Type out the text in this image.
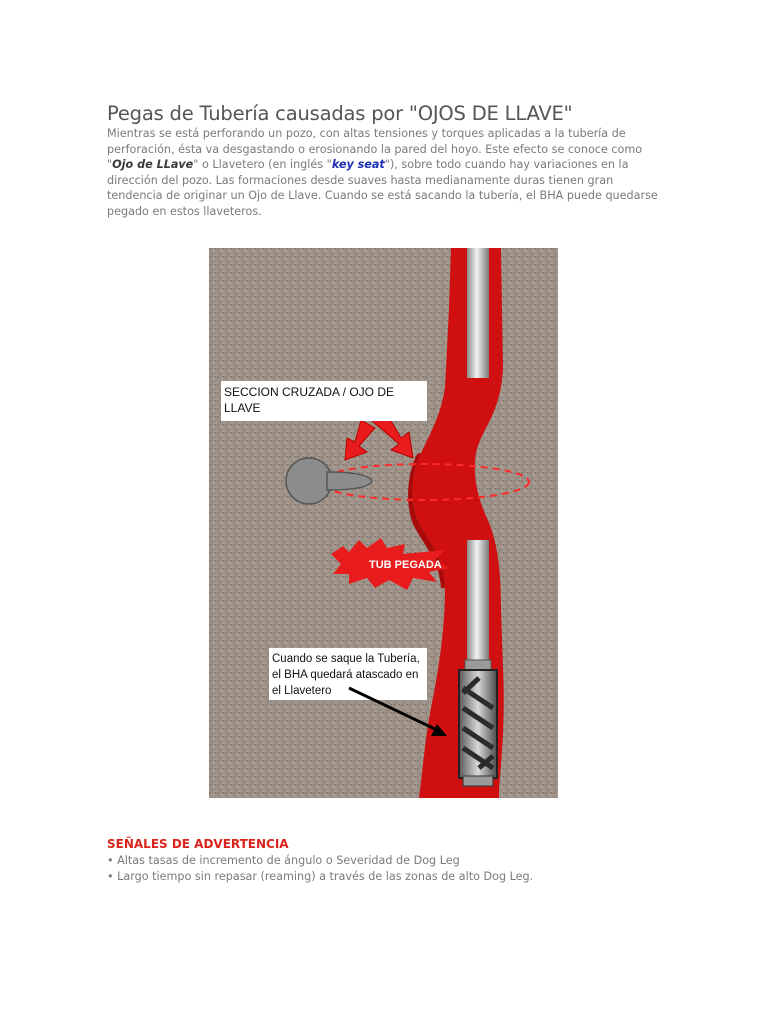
Pegas de Tubería causadas por "OJOS DE LLAVE"

Mientras se está perforando un pozo, con altas tensiones y torques aplicadas a la tubería de perforación, ésta va desgastando o erosionando la pared del hoyo. Este efecto se conoce como "Ojo de LLave" o Llavetero (en inglés "key seat"), sobre todo cuando hay variaciones en la dirección del pozo. Las formaciones desde suaves hasta medianamente duras tienen gran tendencia de originar un Ojo de Llave. Cuando se está sacando la tubería, el BHA puede quedarse pegado en estos llaveteros.

SECCION CRUZADA / OJO DE
LLAVE
TUB PEGADA
Cuando se saque la Tubería,
el BHA quedará atascado en
el Llavetero
SEÑALES DE ADVERTENCIA
• Altas tasas de incremento de ángulo o Severidad de Dog Leg
• Largo tiempo sin repasar (reaming) a través de las zonas de alto Dog Leg.
